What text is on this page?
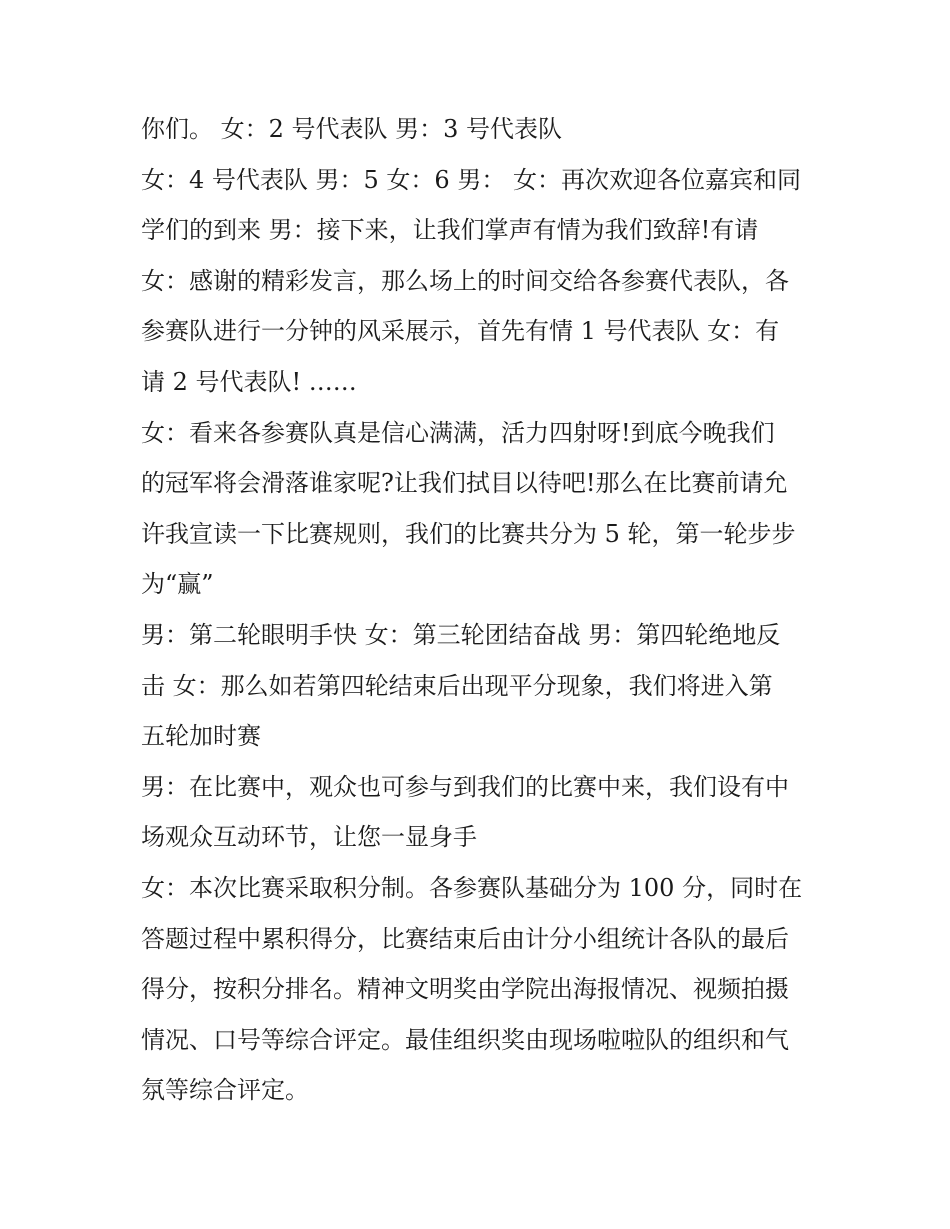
你们。 女：2 号代表队 男：3 号代表队

女：4 号代表队 男：5 女：6 男： 女：再次欢迎各位嘉宾和同

学们的到来 男：接下来，让我们掌声有情为我们致辞!有请

女：感谢的精彩发言，那么场上的时间交给各参赛代表队，各

参赛队进行一分钟的风采展示，首先有情 1 号代表队 女：有

请 2 号代表队! ……

女：看来各参赛队真是信心满满，活力四射呀!到底今晚我们

的冠军将会滑落谁家呢?让我们拭目以待吧!那么在比赛前请允

许我宣读一下比赛规则，我们的比赛共分为 5 轮，第一轮步步

为“赢”

男：第二轮眼明手快 女：第三轮团结奋战 男：第四轮绝地反

击 女：那么如若第四轮结束后出现平分现象，我们将进入第

五轮加时赛

男：在比赛中，观众也可参与到我们的比赛中来，我们设有中

场观众互动环节，让您一显身手

女：本次比赛采取积分制。各参赛队基础分为 100 分，同时在

答题过程中累积得分，比赛结束后由计分小组统计各队的最后

得分，按积分排名。精神文明奖由学院出海报情况、视频拍摄

情况、口号等综合评定。最佳组织奖由现场啦啦队的组织和气

氛等综合评定。
